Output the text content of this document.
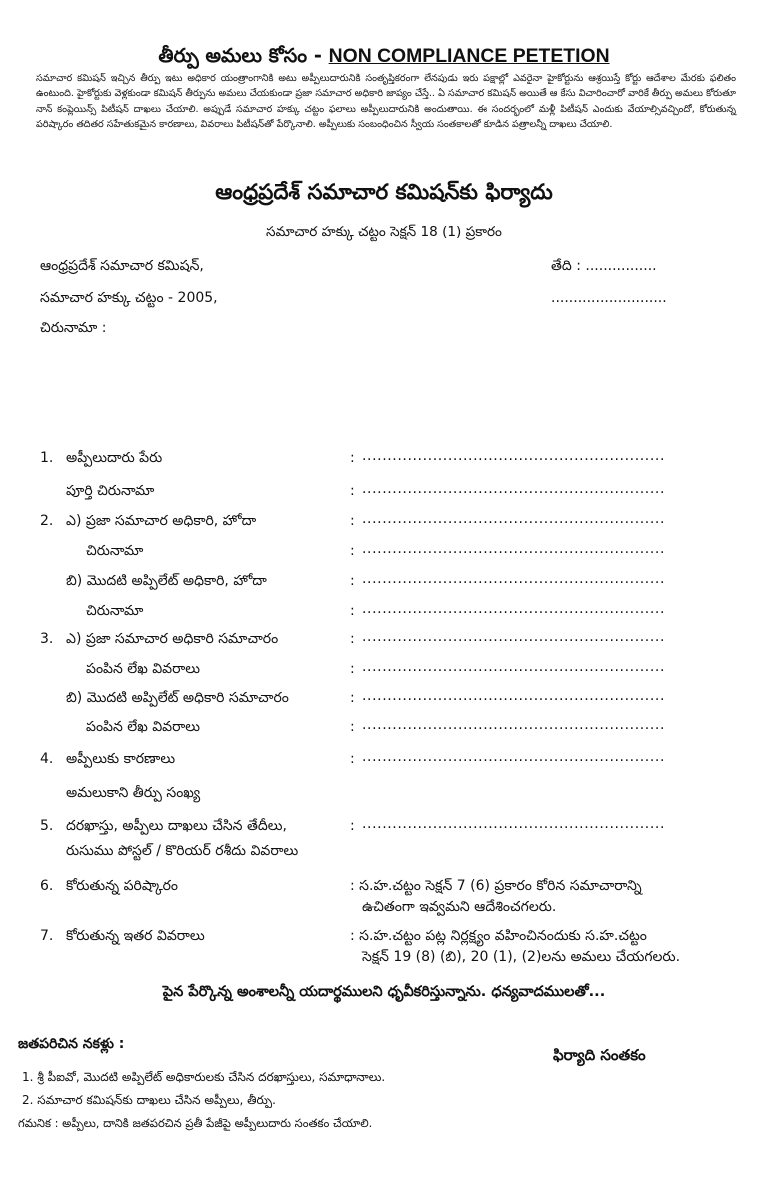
తీర్పు అమలు కోసం - NON COMPLIANCE PETETION
సమాచార కమిషన్ ఇచ్చిన తీర్పు ఇటు అధికార యంత్రాంగానికి అటు అప్పీలుదారునికి సంతృప్తికరంగా లేనపుడు ఇరు పక్షాల్లో ఎవరైనా హైకోర్టును ఆశ్రయిస్తే కోర్టు ఆదేశాల మేరకు ఫలితం ఉంటుంది. హైకోర్టుకు వెళ్లకుండా కమిషన్ తీర్పును అమలు చేయకుండా ప్రజా సమాచార అధికారి జాప్యం చేస్తే.. ఏ సమాచార కమిషన్ అయితే ఆ కేసు విచారించారో వారికే తీర్పు అమలు కోరుతూ నాన్ కంప్లెయిన్స్ పిటీషన్ దాఖలు చేయాలి. అప్పుడే సమాచార హక్కు చట్టం ఫలాలు అప్పీలుదారునికి అందుతాయి. ఈ సందర్భంలో మళ్లీ పిటీషన్ ఎందుకు వేయాల్సివచ్చిందో, కోరుతున్న పరిష్కారం తదితర సహేతుకమైన కారణాలు, వివరాలు పిటీషన్‌తో పేర్కొనాలి. అప్పీలుకు సంబంధించిన స్వీయ సంతకాలతో కూడిన పత్రాలన్నీ దాఖలు చేయాలి.
ఆంధ్రప్రదేశ్ సమాచార కమిషన్‌కు ఫిర్యాదు
సమాచార హక్కు చట్టం సెక్షన్ 18 (1) ప్రకారం
ఆంధ్రప్రదేశ్ సమాచార కమిషన్,
సమాచార హక్కు చట్టం - 2005,
చిరునామా :
తేది : ................
..........................
1. అప్పీలుదారు పేరు	: ............................................................
పూర్తి చిరునామా	: ............................................................
2. ఎ) ప్రజా సమాచార అధికారి, హోదా	: ............................................................
చిరునామా	: ............................................................
బి) మొదటి అప్పిలేట్ అధికారి, హోదా	: ............................................................
చిరునామా	: ............................................................
3. ఎ) ప్రజా సమాచార అధికారి సమాచారం	: ............................................................
పంపిన లేఖ వివరాలు	: ............................................................
బి) మొదటి అప్పిలేట్ అధికారి సమాచారం	: ............................................................
పంపిన లేఖ వివరాలు	: ............................................................
4. అప్పీలుకు కారణాలు	: ............................................................
అమలుకాని తీర్పు సంఖ్య
5. దరఖాస్తు, అప్పీలు దాఖలు చేసిన తేదీలు,	: ............................................................
రుసుము పోస్టల్ / కొరియర్ రశీదు వివరాలు
6. కోరుతున్న పరిష్కారం	: స.హ.చట్టం సెక్షన్ 7 (6) ప్రకారం కోరిన సమాచారాన్ని
ఉచితంగా ఇవ్వమని ఆదేశించగలరు.
7. కోరుతున్న ఇతర వివరాలు	: స.హ.చట్టం పట్ల నిర్లక్ష్యం వహించినందుకు స.హ.చట్టం
సెక్షన్ 19 (8) (బి), 20 (1), (2)లను అమలు చేయగలరు.
పైన పేర్కొన్న అంశాలన్నీ యదార్థములని ధృవీకరిస్తున్నాను. ధన్యవాదములతో...
జతపరిచిన నకళ్లు :
ఫిర్యాది సంతకం
1. శ్రీ పీఐవో, మొదటి అప్పిలేట్ అధికారులకు చేసిన దరఖాస్తులు, సమాధానాలు.
2. సమాచార కమిషన్‌కు దాఖలు చేసిన అప్పీలు, తీర్పు.
గమనిక : అప్పీలు, దానికి జతపరచిన ప్రతీ పేజీపై అప్పీలుదారు సంతకం చేయాలి.
